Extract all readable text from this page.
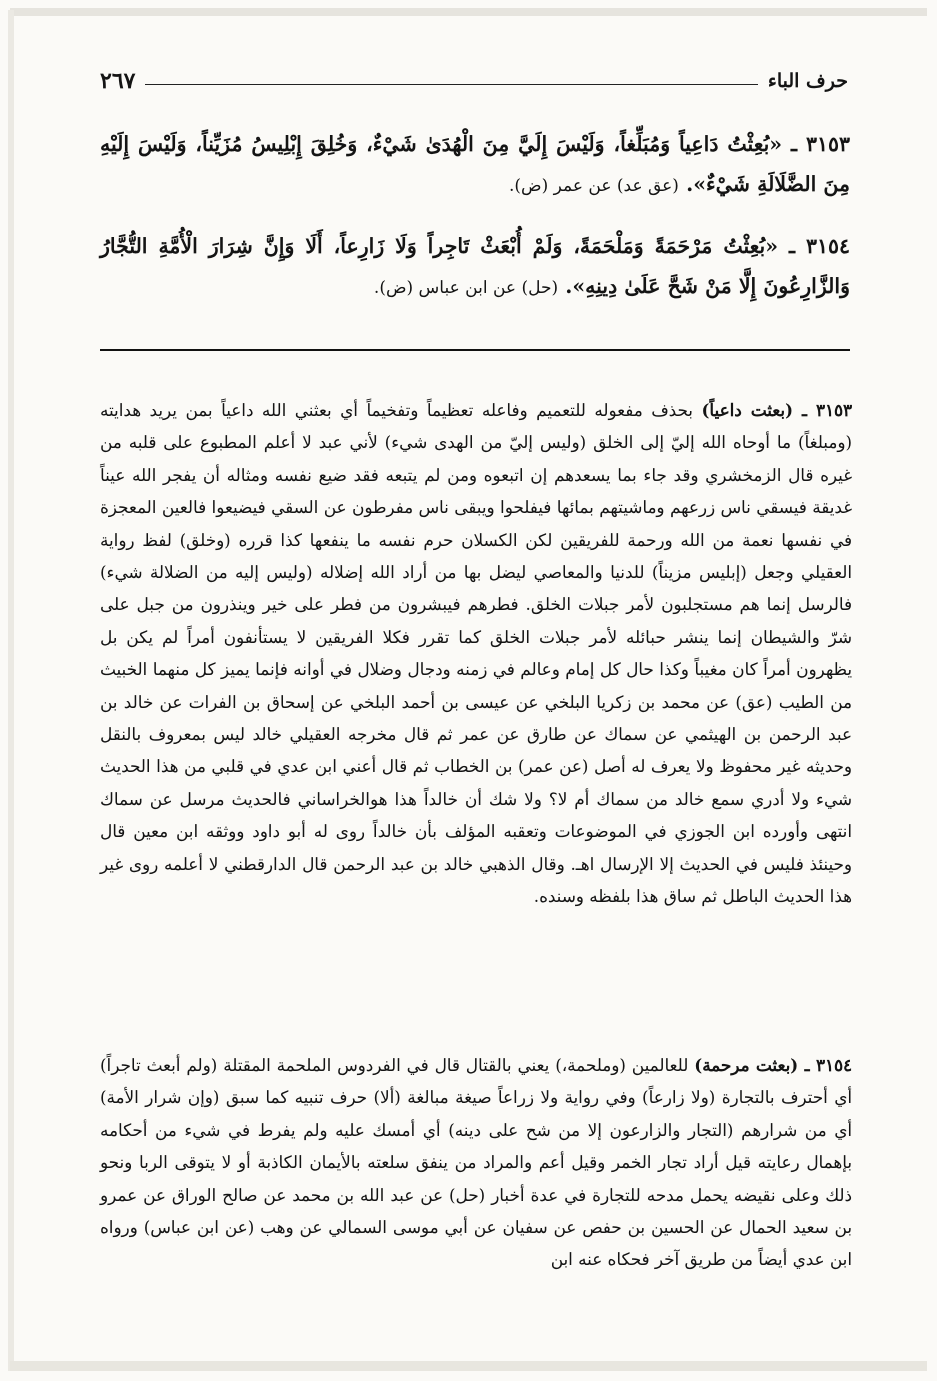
حرف الباء
٢٦٧
٣١٥٣ ـ «بُعِثْتُ دَاعِياً وَمُبَلِّغاً، وَلَيْسَ إِلَيَّ مِنَ الْهُدَىٰ شَيْءٌ، وَخُلِقَ إِبْلِيسُ مُزَيِّناً، وَلَيْسَ إِلَيْهِ مِنَ الضَّلَالَةِ شَيْءٌ». (عق عد) عن عمر (ض).
٣١٥٤ ـ «بُعِثْتُ مَرْحَمَةً وَمَلْحَمَةً، وَلَمْ أُبْعَثْ تَاجِراً وَلَا زَارِعاً، أَلَا وَإِنَّ شِرَارَ الْأُمَّةِ التُّجَّارُ وَالزَّارِعُونَ إِلَّا مَنْ شَحَّ عَلَىٰ دِينِهِ». (حل) عن ابن عباس (ض).
٣١٥٣ ـ (بعثت داعياً) بحذف مفعوله للتعميم وفاعله تعظيماً وتفخيماً أي بعثني الله داعياً بمن يريد هدايته (ومبلغاً) ما أوحاه الله إليّ إلى الخلق (وليس إليّ من الهدى شيء) لأني عبد لا أعلم المطبوع على قلبه من غيره قال الزمخشري وقد جاء بما يسعدهم إن اتبعوه ومن لم يتبعه فقد ضيع نفسه ومثاله أن يفجر الله عيناً غديقة فيسقي ناس زرعهم وماشيتهم بمائها فيفلحوا ويبقى ناس مفرطون عن السقي فيضيعوا فالعين المعجزة في نفسها نعمة من الله ورحمة للفريقين لكن الكسلان حرم نفسه ما ينفعها كذا قرره (وخلق) لفظ رواية العقيلي وجعل (إبليس مزيناً) للدنيا والمعاصي ليضل بها من أراد الله إضلاله (وليس إليه من الضلالة شيء) فالرسل إنما هم مستجلبون لأمر جبلات الخلق. فطرهم فيبشرون من فطر على خير وينذرون من جبل على شرّ والشيطان إنما ينشر حبائله لأمر جبلات الخلق كما تقرر فكلا الفريقين لا يستأنفون أمراً لم يكن بل يظهرون أمراً كان مغيباً وكذا حال كل إمام وعالم في زمنه ودجال وضلال في أوانه فإنما يميز كل منهما الخبيث من الطيب (عق) عن محمد بن زكريا البلخي عن عيسى بن أحمد البلخي عن إسحاق بن الفرات عن خالد بن عبد الرحمن بن الهيثمي عن سماك عن طارق عن عمر ثم قال مخرجه العقيلي خالد ليس بمعروف بالنقل وحديثه غير محفوظ ولا يعرف له أصل (عن عمر) بن الخطاب ثم قال أعني ابن عدي في قلبي من هذا الحديث شيء ولا أدري سمع خالد من سماك أم لا؟ ولا شك أن خالداً هذا هوالخراساني فالحديث مرسل عن سماك انتهى وأورده ابن الجوزي في الموضوعات وتعقبه المؤلف بأن خالداً روى له أبو داود ووثقه ابن معين قال وحينئذ فليس في الحديث إلا الإرسال اهـ. وقال الذهبي خالد بن عبد الرحمن قال الدارقطني لا أعلمه روى غير هذا الحديث الباطل ثم ساق هذا بلفظه وسنده.
٣١٥٤ ـ (بعثت مرحمة) للعالمين (وملحمة،) يعني بالقتال قال في الفردوس الملحمة المقتلة (ولم أبعث تاجراً) أي أحترف بالتجارة (ولا زارعاً) وفي رواية ولا زراعاً صيغة مبالغة (ألا) حرف تنبيه كما سبق (وإن شرار الأمة) أي من شرارهم (التجار والزارعون إلا من شح على دينه) أي أمسك عليه ولم يفرط في شيء من أحكامه بإهمال رعايته قيل أراد تجار الخمر وقيل أعم والمراد من ينفق سلعته بالأيمان الكاذبة أو لا يتوقى الربا ونحو ذلك وعلى نقيضه يحمل مدحه للتجارة في عدة أخبار (حل) عن عبد الله بن محمد عن صالح الوراق عن عمرو بن سعيد الحمال عن الحسين بن حفص عن سفيان عن أبي موسى السمالي عن وهب (عن ابن عباس) ورواه ابن عدي أيضاً من طريق آخر فحكاه عنه ابن
